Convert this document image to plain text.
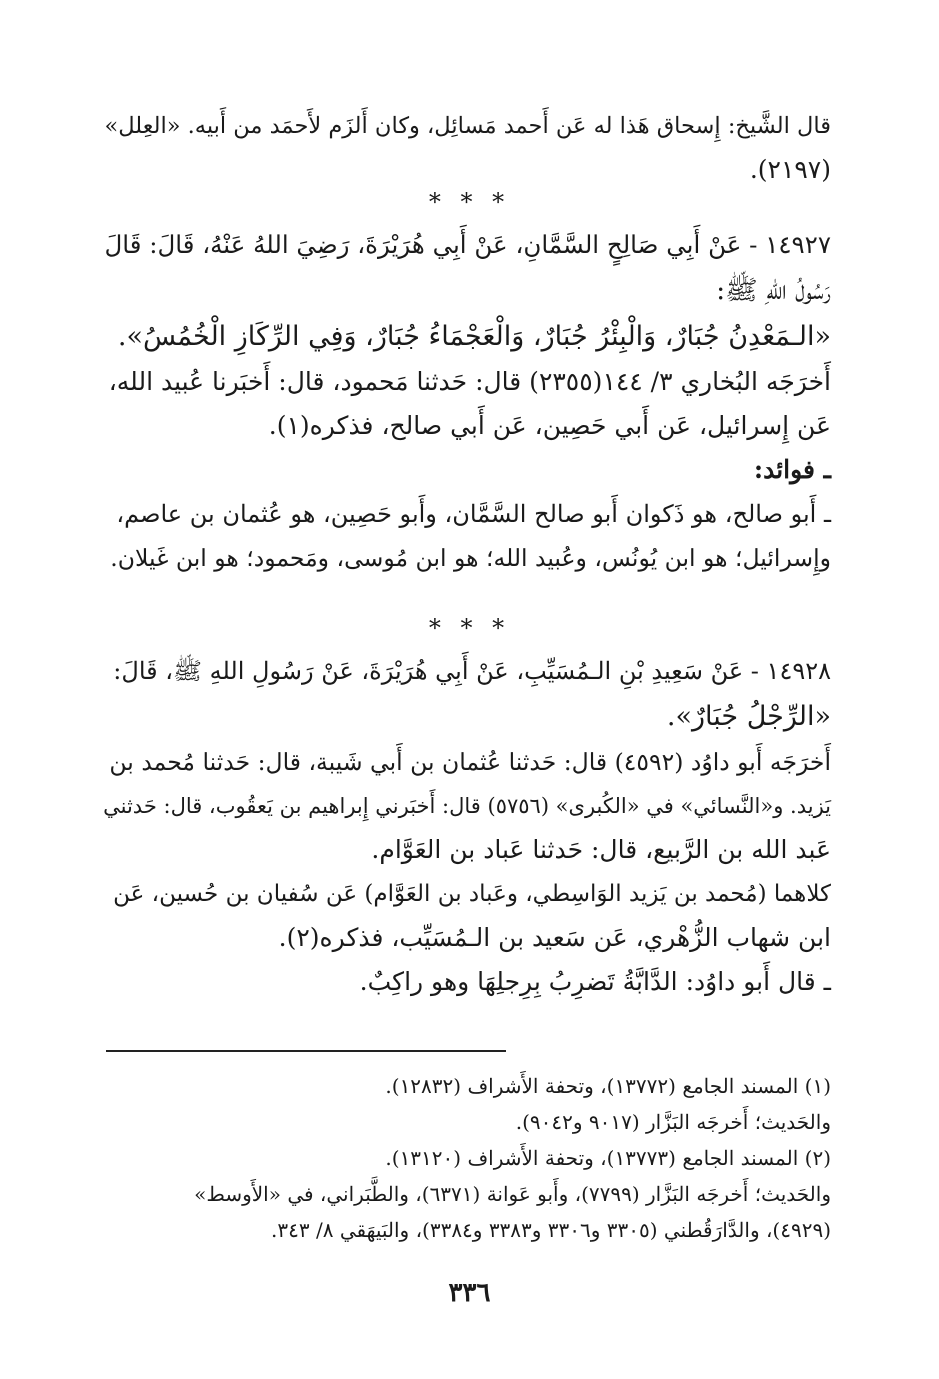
قال الشَّيخ: إِسحاق هَذا له عَن أَحمد مَسائِل، وكان أَلزَم لأَحمَد من أَبيه. «العِلل»
(٢١٩٧).
* * *
١٤٩٢٧ - عَنْ أَبِي صَالِحٍ السَّمَّانِ، عَنْ أَبِي هُرَيْرَةَ، رَضِيَ اللهُ عَنْهُ، قَالَ: قَالَ
رَسُولُ اللهِ ﷺ:
«الـمَعْدِنُ جُبَارٌ، وَالْبِئْرُ جُبَارٌ، وَالْعَجْمَاءُ جُبَارٌ، وَفِي الرِّكَازِ الْخُمُسُ».
أَخرَجَه البُخاري ٣/ ١٤٤(٢٣٥٥) قال: حَدثنا مَحمود، قال: أَخبَرنا عُبيد الله،
عَن إِسرائيل، عَن أَبي حَصِين، عَن أَبي صالح، فذكره(١).
ـ فوائد:
ـ أَبو صالح، هو ذَكوان أَبو صالح السَّمَّان، وأَبو حَصِين، هو عُثمان بن عاصم،
وإِسرائيل؛ هو ابن يُونُس، وعُبيد الله؛ هو ابن مُوسى، ومَحمود؛ هو ابن غَيلان.
* * *
١٤٩٢٨ - عَنْ سَعِيدِ بْنِ الـمُسَيِّبِ، عَنْ أَبِي هُرَيْرَةَ، عَنْ رَسُولِ اللهِ ﷺ، قَالَ:
«الرِّجْلُ جُبَارٌ».
أَخرَجَه أَبو داوُد (٤٥٩٢) قال: حَدثنا عُثمان بن أَبي شَيبة، قال: حَدثنا مُحمد بن
يَزيد. و«النَّسائي» في «الكُبرى» (٥٧٥٦) قال: أَخبَرني إِبراهيم بن يَعقُوب، قال: حَدثني
عَبد الله بن الرَّبيع، قال: حَدثنا عَباد بن العَوَّام.
كلاهما (مُحمد بن يَزيد الوَاسِطي، وعَباد بن العَوَّام) عَن سُفيان بن حُسين، عَن
ابن شهاب الزُّهْري، عَن سَعيد بن الـمُسَيِّب، فذكره(٢).
ـ قال أَبو داوُد: الدَّابَّةُ تَضرِبُ بِرِجلِهَا وهو راكِبٌ.
(١) المسند الجامع (١٣٧٧٢)، وتحفة الأَشراف (١٢٨٣٢).
والحَديث؛ أَخرجَه البَزَّار (٩٠١٧ و٩٠٤٢).
(٢) المسند الجامع (١٣٧٧٣)، وتحفة الأَشراف (١٣١٢٠).
والحَديث؛ أَخرجَه البَزَّار (٧٧٩٩)، وأَبو عَوانة (٦٣٧١)، والطَّبَراني، في «الأَوسط»
(٤٩٢٩)، والدَّارَقُطني (٣٣٠٥ و٣٣٠٦ و٣٣٨٣ و٣٣٨٤)، والبَيهَقي ٨/ ٣٤٣.
٣٣٦
